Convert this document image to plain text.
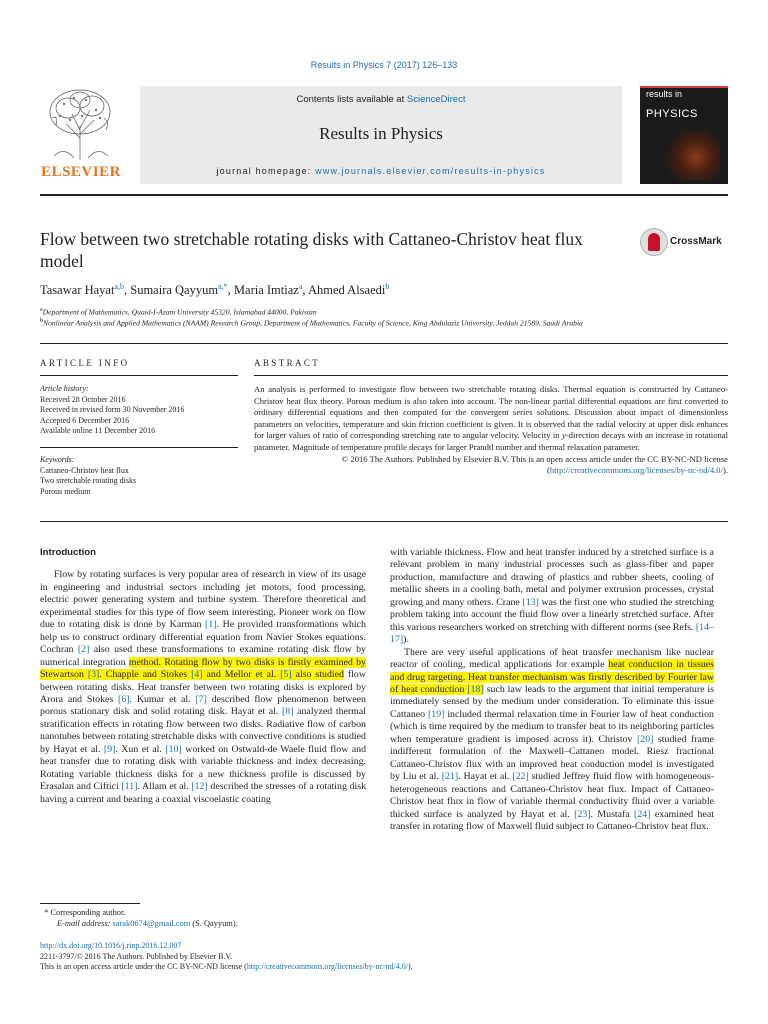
Results in Physics 7 (2017) 126–133
ELSEVIER
Contents lists available at ScienceDirect
Results in Physics
journal homepage: www.journals.elsevier.com/results-in-physics
results in
PHYSICS
Flow between two stretchable rotating disks with Cattaneo-Christov heat flux model
CrossMark
Tasawar Hayat$^{a,b}$, Sumaira Qayyum$^{a,*}$, Maria Imtiaz$^a$, Ahmed Alsaedi$^b$
$^a$Department of Mathematics, Quaid-I-Azam University 45320, Islamabad 44000, Pakistan
$^b$Nonlinear Analysis and Applied Mathematics (NAAM) Research Group, Department of Mathematics, Faculty of Science, King Abdulaziz University, Jeddah 21589, Saudi Arabia
ARTICLE INFO	ABSTRACT
Article history:
Received 28 October 2016
Received in revised form 30 November 2016
Accepted 6 December 2016
Available online 11 December 2016
Keywords:
Cattaneo-Christov heat flux
Two stretchable rotating disks
Porous medium
An analysis is performed to investigate flow between two stretchable rotating disks. Thermal equation is constructed by Cattaneo-Christov heat flux theory. Porous medium is also taken into account. The non-linear partial differential equations are first converted to ordinary differential equations and then computed for the convergent series solutions. Discussion about impact of dimensionless parameters on velocities, temperature and skin friction coefficient is given. It is observed that the radial velocity at upper disk enhances for larger values of ratio of corresponding stretching rate to angular velocity. Velocity in y-direction decays with an increase in rotational parameter. Magnitude of temperature profile decays for larger Prandtl number and thermal relaxation parameter.
© 2016 The Authors. Published by Elsevier B.V. This is an open access article under the CC BY-NC-ND license (http://creativecommons.org/licenses/by-nc-nd/4.0/).

Introduction

Flow by rotating surfaces is very popular area of research in view of its usage in engineering and industrial sectors including jet motors, food processing, electric power generating system and turbine system. Therefore theoretical and experimental studies for this type of flow seem interesting. Pioneer work on flow due to rotating disk is done by Karman [1]. He provided transformations which help us to construct ordinary differential equation from Navier Stokes equations. Cochran [2] also used these transformations to examine rotating disk flow by numerical integration method. Rotating flow by two disks is firstly examined by Stewartson [3]. Chapple and Stokes [4] and Mellor et al. [5] also studied flow between rotating disks. Heat transfer between two rotating disks is explored by Arora and Stokes [6]. Kumar et al. [7] described flow phenomenon between porous stationary disk and solid rotating disk. Hayat et al. [8] analyzed thermal stratification effects in rotating flow between two disks. Radiative flow of carbon nanotubes between rotating stretchable disks with convective conditions is studied by Hayat et al. [9]. Xun et al. [10] worked on Ostwald-de Waele fluid flow and heat transfer due to rotating disk with variable thickness and index decreasing. Rotating variable thickness disks for a new thickness profile is discussed by Erasalan and Ciftici [11]. Allam et al. [12] described the stresses of a rotating disk having a current and bearing a coaxial viscoelastic coating

with variable thickness. Flow and heat transfer induced by a stretched surface is a relevant problem in many industrial processes such as glass-fiber and paper production, manufacture and drawing of plastics and rubber sheets, cooling of metallic sheets in a cooling bath, metal and polymer extrusion processes, crystal growing and many others. Crane [13] was the first one who studied the stretching problem taking into account the fluid flow over a linearly stretched surface. After this various researchers worked on stretching with different norms (see Refs. [14–17]).

There are very useful applications of heat transfer mechanism like nuclear reactor of cooling, medical applications for example heat conduction in tissues and drug targeting. Heat transfer mechanism was firstly described by Fourier law of heat conduction [18] such law leads to the argument that initial temperature is immediately sensed by the medium under consideration. To eliminate this issue Cattaneo [19] included thermal relaxation time in Fourier law of heat conduction (which is time required by the medium to transfer heat to its neighboring particles when temperature gradient is imposed across it). Christov [20] studied frame indifferent formulation of the Maxwell–Cattaneo model. Riesz fractional Cattaneo-Christov flux with an improved heat conduction model is investigated by Liu et al. [21]. Hayat et al. [22] studied Jeffrey fluid flow with homogeneous-heterogeneous reactions and Cattaneo-Christov heat flux. Impact of Cattaneo-Christov heat flux in flow of variable thermal conductivity fluid over a variable thicked surface is analyzed by Hayat et al. [23]. Mustafa [24] examined heat transfer in rotating flow of Maxwell fluid subject to Cattaneo-Christov heat flux.

* Corresponding author.
E-mail address: sarak0674@gmail.com (S. Qayyum).
http://dx.doi.org/10.1016/j.rinp.2016.12.007
2211-3797/© 2016 The Authors. Published by Elsevier B.V.
This is an open access article under the CC BY-NC-ND license (http://creativecommons.org/licenses/by-nc-nd/4.0/).
